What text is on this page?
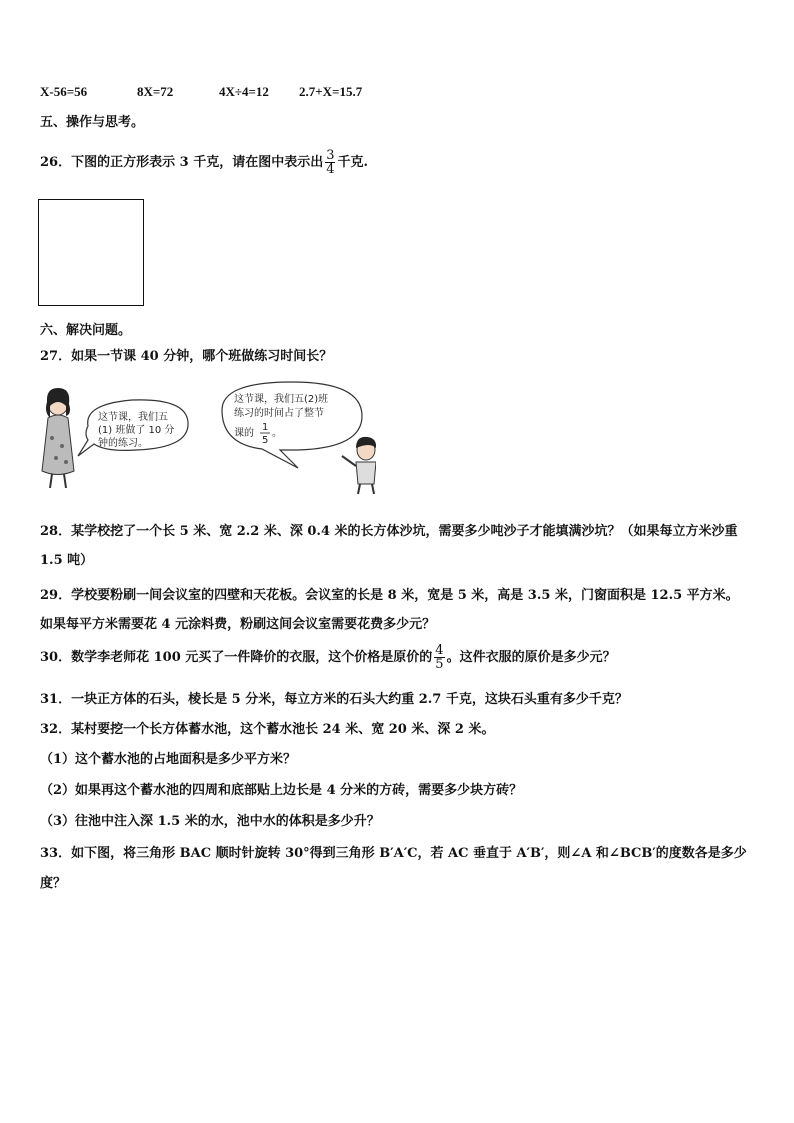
X-56=56	8X=72	4X÷4=12 2.7+X=15.7
五、操作与思考。
26．下图的正方形表示 3 千克，请在图中表示出 $\frac{3}{4}$ 千克.
六、解决问题。
27．如果一节课 40 分钟，哪个班做练习时间长？
这节课，我们五
(1) 班做了 10 分
钟的练习。
这节课，我们五(2)班
练习的时间占了整节
课的
1
5
。
28．某学校挖了一个长 5 米、宽 2.2 米、深 0.4 米的长方体沙坑，需要多少吨沙子才能填满沙坑？（如果每立方米沙重
1.5 吨）
29．学校要粉刷一间会议室的四壁和天花板。会议室的长是 8 米，宽是 5 米，高是 3.5 米，门窗面积是 12.5 平方米。
如果每平方米需要花 4 元涂料费，粉刷这间会议室需要花费多少元？
30．数学李老师花 100 元买了一件降价的衣服，这个价格是原价的 $\frac{4}{5}$ 。这件衣服的原价是多少元？
31．一块正方体的石头，棱长是 5 分米，每立方米的石头大约重 2.7 千克，这块石头重有多少千克？
32．某村要挖一个长方体蓄水池，这个蓄水池长 24 米、宽 20 米、深 2 米。
（1）这个蓄水池的占地面积是多少平方米？
（2）如果再这个蓄水池的四周和底部贴上边长是 4 分米的方砖，需要多少块方砖？
（3）往池中注入深 1.5 米的水，池中水的体积是多少升？
33．如下图，将三角形 BAC 顺时针旋转 30°得到三角形 B′A′C，若 AC 垂直于 A′B′，则∠A 和∠BCB′的度数各是多少
度？
